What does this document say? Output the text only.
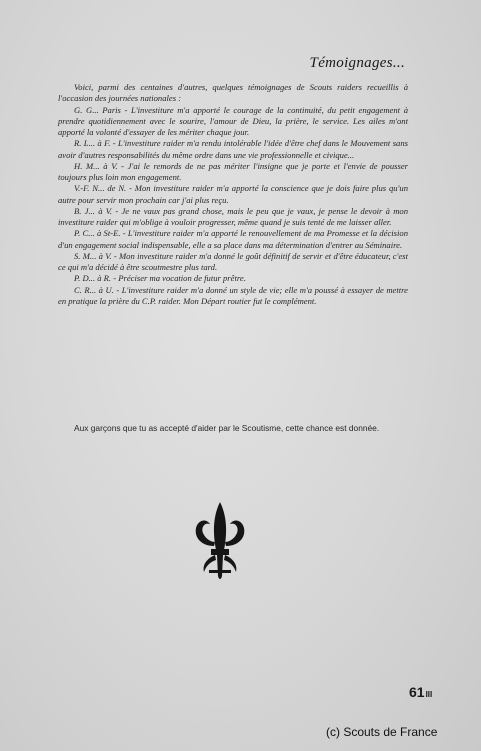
Témoignages...

Voici, parmi des centaines d'autres, quelques témoignages de Scouts raiders recueillis à l'occasion des journées nationales :

G. G... Paris - L'investiture m'a apporté le courage de la continuité, du petit engagement à prendre quotidiennement avec le sourire, l'amour de Dieu, la prière, le service. Les ailes m'ont apporté la volonté d'essayer de les mériter chaque jour.

R. L... à F. - L'investiture raider m'a rendu intolérable l'idée d'être chef dans le Mouvement sans avoir d'autres responsabilités du même ordre dans une vie professionnelle et civique...

H. M... à V. - J'ai le remords de ne pas mériter l'insigne que je porte et l'envie de pousser toujours plus loin mon engagement.

V.-F. N... de N. - Mon investiture raider m'a apporté la conscience que je dois faire plus qu'un autre pour servir mon prochain car j'ai plus reçu.

B. J... à V. - Je ne vaux pas grand chose, mais le peu que je vaux, je pense le devoir à mon investiture raider qui m'oblige à vouloir progresser, même quand je suis tenté de me laisser aller.

P. C... à St-E. - L'investiture raider m'a apporté le renouvellement de ma Promesse et la décision d'un engagement social indispensable, elle a sa place dans ma détermination d'entrer au Séminaire.

S. M... à V. - Mon investiture raider m'a donné le goût définitif de servir et d'être éducateur, c'est ce qui m'a décidé à être scoutmestre plus tard.

P. D... à R. - Préciser ma vocation de futur prêtre.

C. R... à U. - L'investiture raider m'a donné un style de vie; elle m'a poussé à essayer de mettre en pratique la prière du C.P. raider. Mon Départ routier fut le complément.

Aux garçons que tu as accepté d'aider par le Scoutisme, cette chance est donnée.

61III
(c) Scouts de France
